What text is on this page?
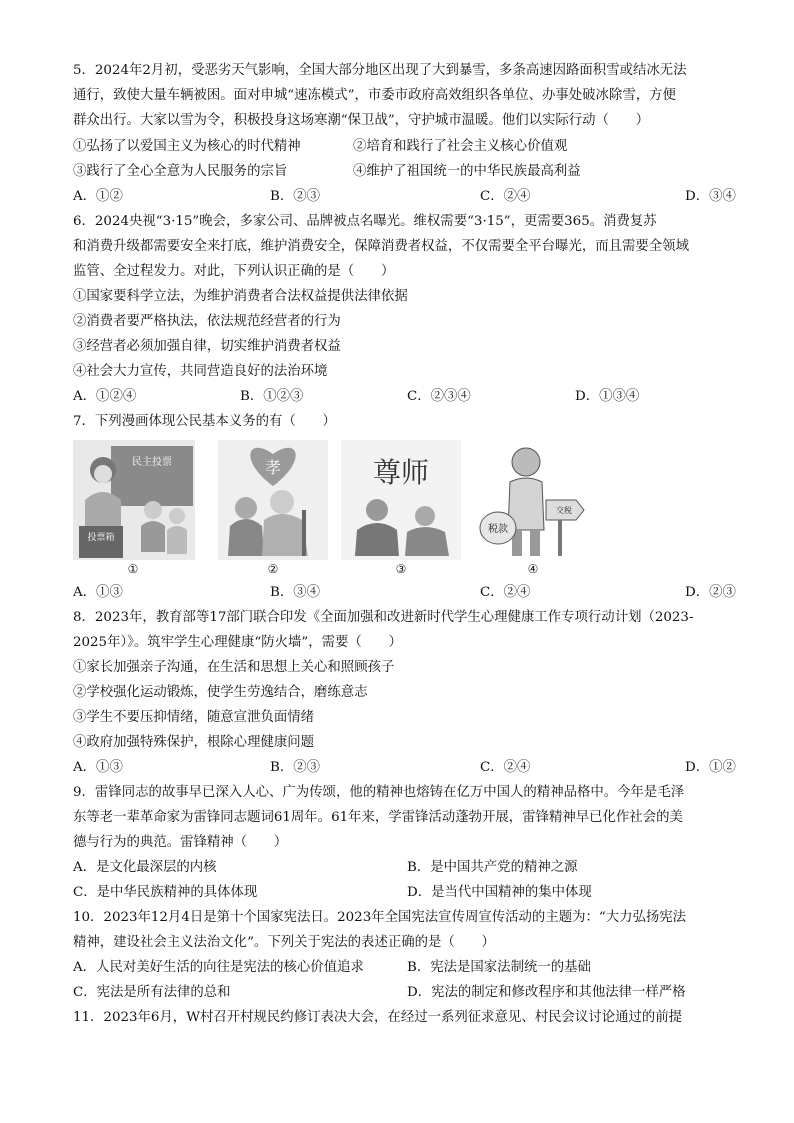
5．2024年2月初，受恶劣天气影响，全国大部分地区出现了大到暴雪，多条高速因路面积雪或结冰无法
通行，致使大量车辆被困。面对申城“速冻模式”，市委市政府高效组织各单位、办事处破冰除雪，方便
群众出行。大家以雪为令，积极投身这场寒潮“保卫战”，守护城市温暖。他们以实际行动（　　）
①弘扬了以爱国主义为核心的时代精神	②培育和践行了社会主义核心价值观
③践行了全心全意为人民服务的宗旨	④维护了祖国统一的中华民族最高利益
A．①②	B．②③	C．②④	D．③④
6．2024央视“3·15”晚会，多家公司、品牌被点名曝光。维权需要“3·15”，更需要365。消费复苏
和消费升级都需要安全来打底，维护消费安全，保障消费者权益，不仅需要全平台曝光，而且需要全领域
监管、全过程发力。对此，下列认识正确的是（　　）
①国家要科学立法，为维护消费者合法权益提供法律依据
②消费者要严格执法，依法规范经营者的行为
③经营者必须加强自律，切实维护消费者权益
④社会大力宣传，共同营造良好的法治环境
A．①②④	B．①②③	C．②③④	D．①③④
7．下列漫画体现公民基本义务的有（　　）
民主投票
投票箱
①
孝
②
尊师
③
交税
税款
④
A．①③	B．③④	C．②④	D．②③
8．2023年，教育部等17部门联合印发《全面加强和改进新时代学生心理健康工作专项行动计划（2023-
2025年）》。筑牢学生心理健康“防火墙”，需要（　　）
①家长加强亲子沟通，在生活和思想上关心和照顾孩子
②学校强化运动锻炼，使学生劳逸结合，磨练意志
③学生不要压抑情绪，随意宣泄负面情绪
④政府加强特殊保护，根除心理健康问题
A．①③	B．②③	C．②④	D．①②
9．雷锋同志的故事早已深入人心、广为传颂，他的精神也熔铸在亿万中国人的精神品格中。今年是毛泽
东等老一辈革命家为雷锋同志题词61周年。61年来，学雷锋活动蓬勃开展，雷锋精神早已化作社会的美
德与行为的典范。雷锋精神（　　）
A．是文化最深层的内核	B．是中国共产党的精神之源
C．是中华民族精神的具体体现	D．是当代中国精神的集中体现
10．2023年12月4日是第十个国家宪法日。2023年全国宪法宣传周宣传活动的主题为：“大力弘扬宪法
精神，建设社会主义法治文化”。下列关于宪法的表述正确的是（　　）
A．人民对美好生活的向往是宪法的核心价值追求	B．宪法是国家法制统一的基础
C．宪法是所有法律的总和	D．宪法的制定和修改程序和其他法律一样严格
11．2023年6月，W村召开村规民约修订表决大会，在经过一系列征求意见、村民会议讨论通过的前提
